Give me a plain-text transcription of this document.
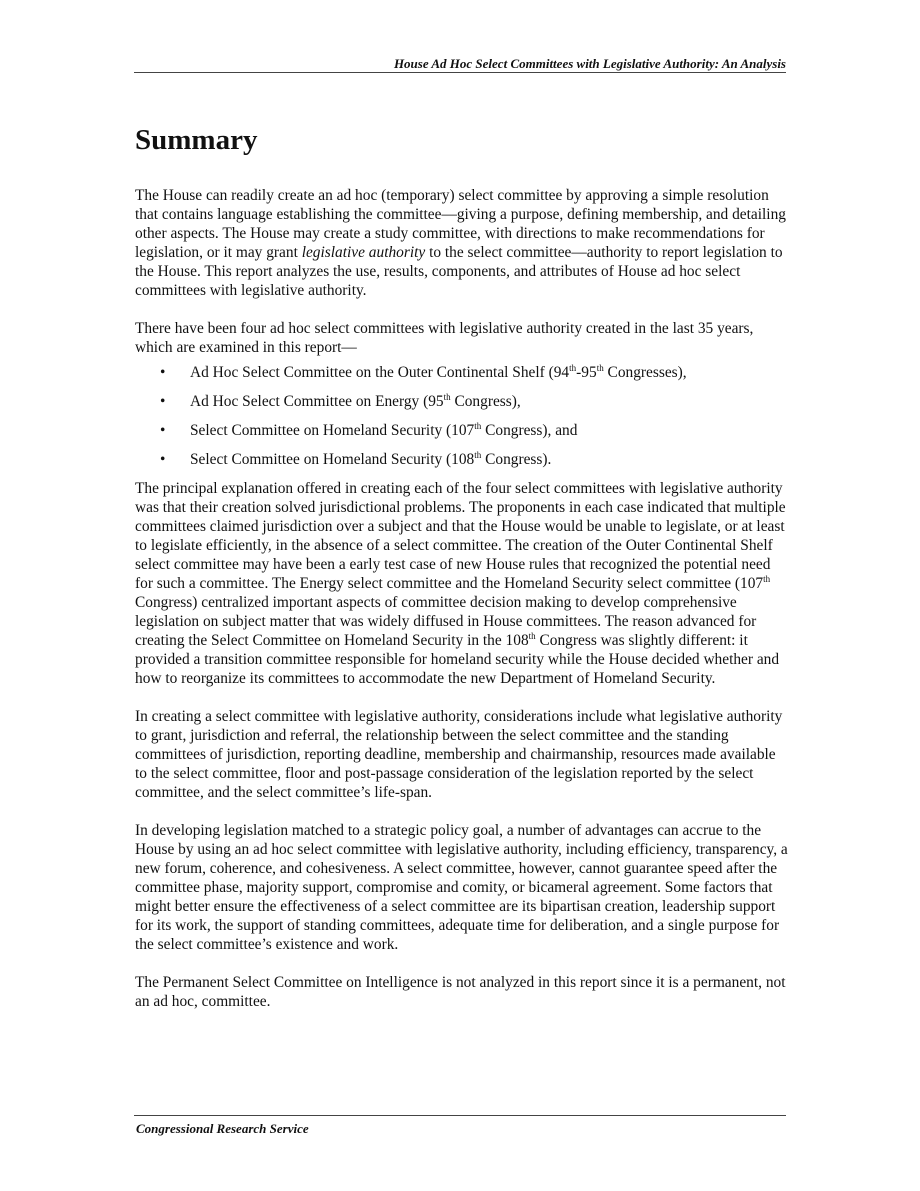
House Ad Hoc Select Committees with Legislative Authority: An Analysis
Summary

The House can readily create an ad hoc (temporary) select committee by approving a simple resolution that contains language establishing the committee—giving a purpose, defining membership, and detailing other aspects. The House may create a study committee, with directions to make recommendations for legislation, or it may grant legislative authority to the select committee—authority to report legislation to the House. This report analyzes the use, results, components, and attributes of House ad hoc select committees with legislative authority.

There have been four ad hoc select committees with legislative authority created in the last 35 years, which are examined in this report—

• Ad Hoc Select Committee on the Outer Continental Shelf (94th-95th Congresses),
• Ad Hoc Select Committee on Energy (95th Congress),
• Select Committee on Homeland Security (107th Congress), and
• Select Committee on Homeland Security (108th Congress).

The principal explanation offered in creating each of the four select committees with legislative authority was that their creation solved jurisdictional problems. The proponents in each case indicated that multiple committees claimed jurisdiction over a subject and that the House would be unable to legislate, or at least to legislate efficiently, in the absence of a select committee. The creation of the Outer Continental Shelf select committee may have been a early test case of new House rules that recognized the potential need for such a committee. The Energy select committee and the Homeland Security select committee (107th Congress) centralized important aspects of committee decision making to develop comprehensive legislation on subject matter that was widely diffused in House committees. The reason advanced for creating the Select Committee on Homeland Security in the 108th Congress was slightly different: it provided a transition committee responsible for homeland security while the House decided whether and how to reorganize its committees to accommodate the new Department of Homeland Security.

In creating a select committee with legislative authority, considerations include what legislative authority to grant, jurisdiction and referral, the relationship between the select committee and the standing committees of jurisdiction, reporting deadline, membership and chairmanship, resources made available to the select committee, floor and post-passage consideration of the legislation reported by the select committee, and the select committee’s life-span.

In developing legislation matched to a strategic policy goal, a number of advantages can accrue to the House by using an ad hoc select committee with legislative authority, including efficiency, transparency, a new forum, coherence, and cohesiveness. A select committee, however, cannot guarantee speed after the committee phase, majority support, compromise and comity, or bicameral agreement. Some factors that might better ensure the effectiveness of a select committee are its bipartisan creation, leadership support for its work, the support of standing committees, adequate time for deliberation, and a single purpose for the select committee’s existence and work.

The Permanent Select Committee on Intelligence is not analyzed in this report since it is a permanent, not an ad hoc, committee.

Congressional Research Service
